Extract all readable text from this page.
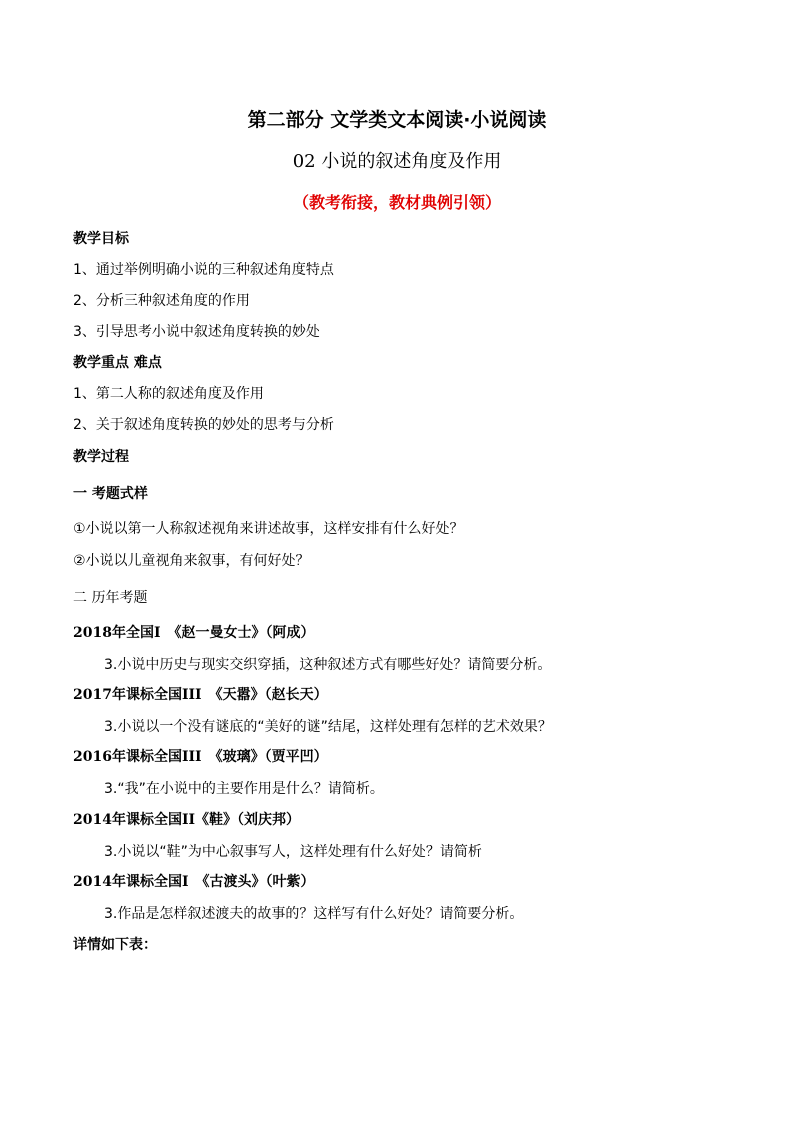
第二部分 文学类文本阅读·小说阅读
02 小说的叙述角度及作用
（教考衔接，教材典例引领）
教学目标
1、通过举例明确小说的三种叙述角度特点
2、分析三种叙述角度的作用
3、引导思考小说中叙述角度转换的妙处
教学重点 难点
1、第二人称的叙述角度及作用
2、关于叙述角度转换的妙处的思考与分析
教学过程
一 考题式样
①小说以第一人称叙述视角来讲述故事，这样安排有什么好处？
②小说以儿童视角来叙事，有何好处？
二 历年考题
2018年全国I　《赵一曼女士》（阿成）
3.小说中历史与现实交织穿插，这种叙述方式有哪些好处？请简要分析。
2017年课标全国III　《天嚣》（赵长天）
3.小说以一个没有谜底的“美好的谜”结尾，这样处理有怎样的艺术效果？
2016年课标全国III　《玻璃》（贾平凹）
3.“我”在小说中的主要作用是什么？请简析。
2014年课标全国II《鞋》（刘庆邦）
3.小说以“鞋”为中心叙事写人，这样处理有什么好处？请简析
2014年课标全国I　《古渡头》（叶紫）
3.作品是怎样叙述渡夫的故事的？这样写有什么好处？请简要分析。
详情如下表：
